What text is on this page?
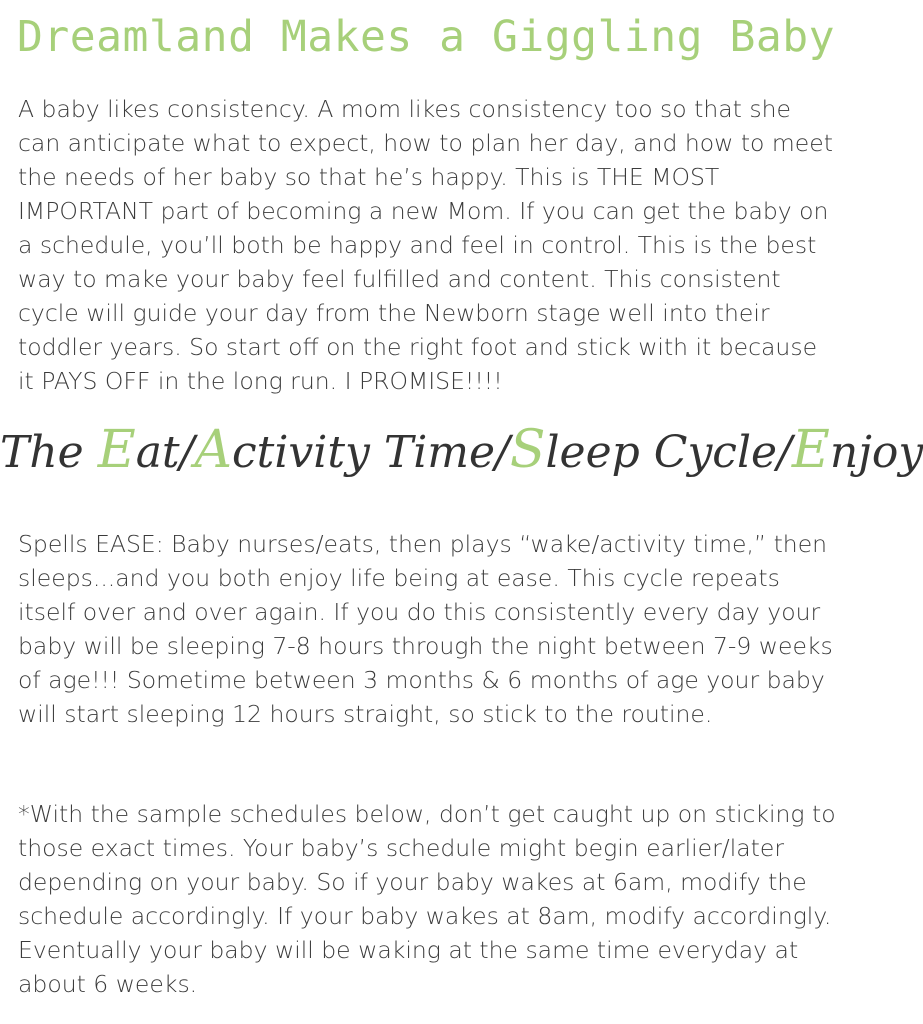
Dreamland Makes a Giggling Baby

A baby likes consistency. A mom likes consistency too so that she can anticipate what to expect, how to plan her day, and how to meet the needs of her baby so that he’s happy. This is THE MOST IMPORTANT part of becoming a new Mom. If you can get the baby on a schedule, you’ll both be happy and feel in control. This is the best way to make your baby feel fulfilled and content. This consistent cycle will guide your day from the Newborn stage well into their toddler years. So start off on the right foot and stick with it because it PAYS OFF in the long run. I PROMISE!!!!

The Eat/Activity Time/Sleep Cycle/Enjoy

Spells EASE: Baby nurses/eats, then plays “wake/activity time,” then sleeps...and you both enjoy life being at ease. This cycle repeats itself over and over again. If you do this consistently every day your baby will be sleeping 7-8 hours through the night between 7-9 weeks of age!!! Sometime between 3 months & 6 months of age your baby will start sleeping 12 hours straight, so stick to the routine.

*With the sample schedules below, don’t get caught up on sticking to those exact times. Your baby’s schedule might begin earlier/later depending on your baby. So if your baby wakes at 6am, modify the schedule accordingly. If your baby wakes at 8am, modify accordingly. Eventually your baby will be waking at the same time everyday at about 6 weeks.
